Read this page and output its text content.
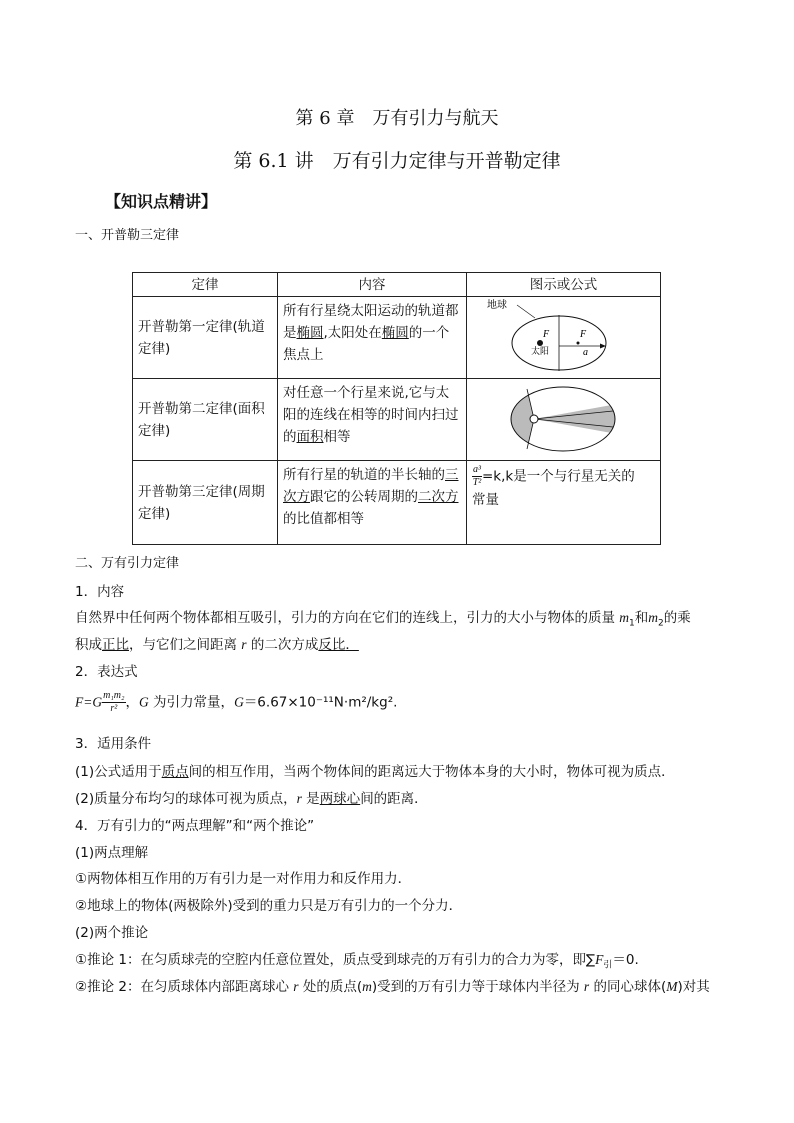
第 6 章　万有引力与航天
第 6.1 讲　万有引力定律与开普勒定律
【知识点精讲】
一、开普勒三定律
定律	内容	图示或公式
开普勒第一定律(轨道
定律)	所有行星绕太阳运动的轨道都是椭圆,太阳处在椭圆的一个焦点上	地球
F F
太阳 a

开普勒第二定律(面积
定律)	对任意一个行星来说,它与太阳的连线在相等的时间内扫过的面积相等	

开普勒第三定律(周期
定律)	所有行星的轨道的半长轴的三次方跟它的公转周期的二次方的比值都相等	$\frac{\text{a³}}{\text{T²}} =k,k$是一个与行星无关的
常量
二、万有引力定律
1．内容
自然界中任何两个物体都相互吸引，引力的方向在它们的连线上，引力的大小与物体的质量 $m_1$和$m_2$的乘
积成正比，与它们之间距离 r 的二次方成反比．
2．表达式
$F=G \frac{\text{m₁m₂}}{\text{r²}}$ ，G 为引力常量，G＝6.67×10⁻¹¹N·m²/kg².
3．适用条件
(1)公式适用于质点间的相互作用，当两个物体间的距离远大于物体本身的大小时，物体可视为质点．
(2)质量分布均匀的球体可视为质点，r 是两球心间的距离．
4．万有引力的“两点理解”和“两个推论”
(1)两点理解
①两物体相互作用的万有引力是一对作用力和反作用力．
②地球上的物体(两极除外)受到的重力只是万有引力的一个分力．
(2)两个推论
①推论 1：在匀质球壳的空腔内任意位置处，质点受到球壳的万有引力的合力为零，即$\sum F_引=0$.
②推论 2：在匀质球体内部距离球心 r 处的质点(m)受到的万有引力等于球体内半径为 r 的同心球体(M)对其
